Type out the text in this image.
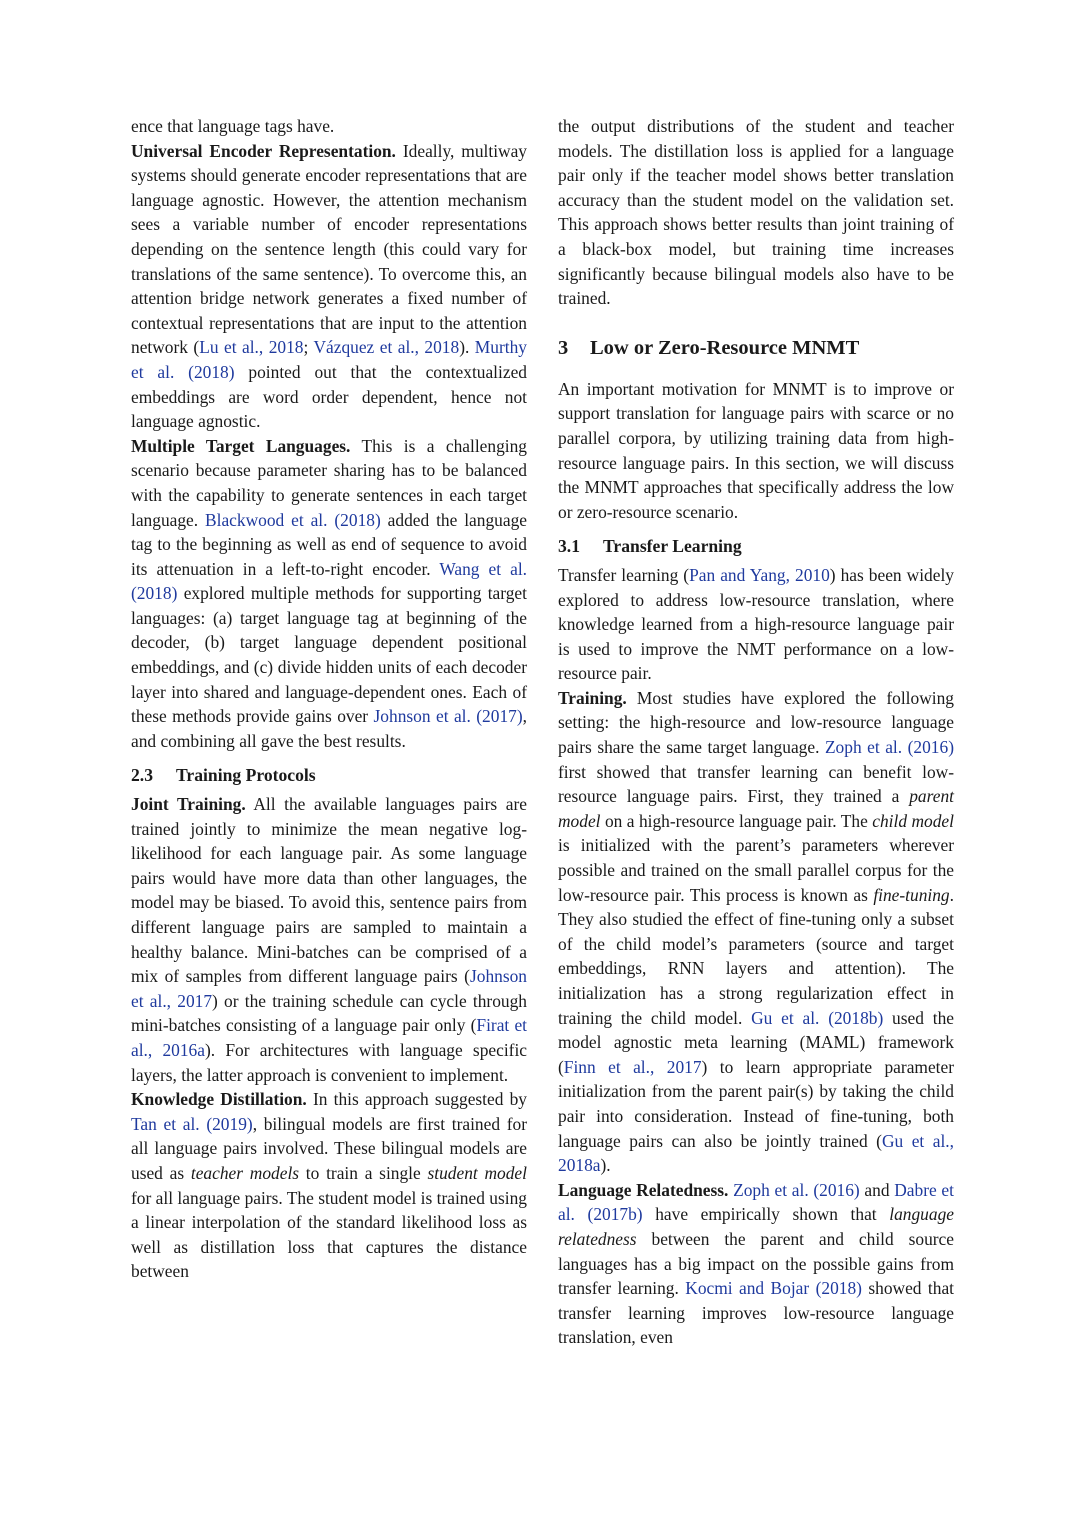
ence that language tags have.

Universal Encoder Representation. Ideally, multiway systems should generate encoder representations that are language agnostic. However, the attention mechanism sees a variable number of encoder representations depending on the sentence length (this could vary for translations of the same sentence). To overcome this, an attention bridge network generates a fixed number of contextual representations that are input to the attention network (Lu et al., 2018; Vázquez et al., 2018). Murthy et al. (2018) pointed out that the contextualized embeddings are word order dependent, hence not language agnostic.

Multiple Target Languages. This is a challenging scenario because parameter sharing has to be balanced with the capability to generate sentences in each target language. Blackwood et al. (2018) added the language tag to the beginning as well as end of sequence to avoid its attenuation in a left-to-right encoder. Wang et al. (2018) explored multiple methods for supporting target languages: (a) target language tag at beginning of the decoder, (b) target language dependent positional embeddings, and (c) divide hidden units of each decoder layer into shared and language-dependent ones. Each of these methods provide gains over Johnson et al. (2017), and combining all gave the best results.

2.3 Training Protocols

Joint Training. All the available languages pairs are trained jointly to minimize the mean negative log-likelihood for each language pair. As some language pairs would have more data than other languages, the model may be biased. To avoid this, sentence pairs from different language pairs are sampled to maintain a healthy balance. Mini-batches can be comprised of a mix of samples from different language pairs (Johnson et al., 2017) or the training schedule can cycle through mini-batches consisting of a language pair only (Firat et al., 2016a). For architectures with language specific layers, the latter approach is convenient to implement.

Knowledge Distillation. In this approach suggested by Tan et al. (2019), bilingual models are first trained for all language pairs involved. These bilingual models are used as teacher models to train a single student model for all language pairs. The student model is trained using a linear interpolation of the standard likelihood loss as well as distillation loss that captures the distance between

the output distributions of the student and teacher models. The distillation loss is applied for a language pair only if the teacher model shows better translation accuracy than the student model on the validation set. This approach shows better results than joint training of a black-box model, but training time increases significantly because bilingual models also have to be trained.

3 Low or Zero-Resource MNMT

An important motivation for MNMT is to improve or support translation for language pairs with scarce or no parallel corpora, by utilizing training data from high-resource language pairs. In this section, we will discuss the MNMT approaches that specifically address the low or zero-resource scenario.

3.1 Transfer Learning

Transfer learning (Pan and Yang, 2010) has been widely explored to address low-resource translation, where knowledge learned from a high-resource language pair is used to improve the NMT performance on a low-resource pair.

Training. Most studies have explored the following setting: the high-resource and low-resource language pairs share the same target language. Zoph et al. (2016) first showed that transfer learning can benefit low-resource language pairs. First, they trained a parent model on a high-resource language pair. The child model is initialized with the parent’s parameters wherever possible and trained on the small parallel corpus for the low-resource pair. This process is known as fine-tuning. They also studied the effect of fine-tuning only a subset of the child model’s parameters (source and target embeddings, RNN layers and attention). The initialization has a strong regularization effect in training the child model. Gu et al. (2018b) used the model agnostic meta learning (MAML) framework (Finn et al., 2017) to learn appropriate parameter initialization from the parent pair(s) by taking the child pair into consideration. Instead of fine-tuning, both language pairs can also be jointly trained (Gu et al., 2018a).

Language Relatedness. Zoph et al. (2016) and Dabre et al. (2017b) have empirically shown that language relatedness between the parent and child source languages has a big impact on the possible gains from transfer learning. Kocmi and Bojar (2018) showed that transfer learning improves low-resource language translation, even
